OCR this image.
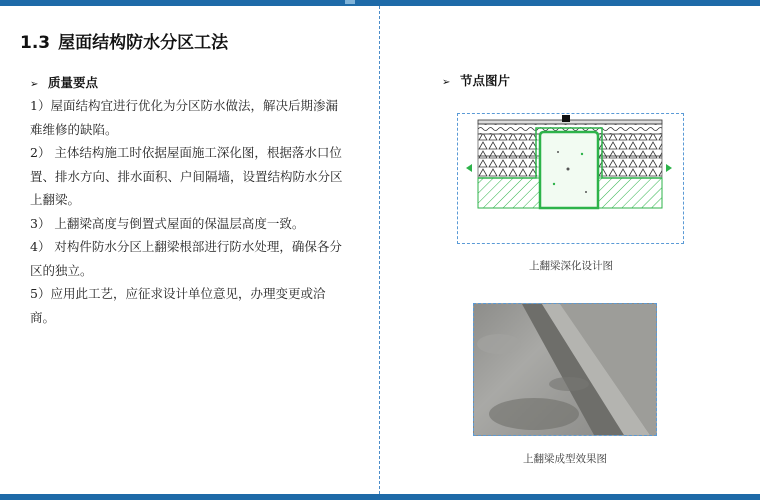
1.3 屋面结构防水分区工法
➢ 质量要点

1）屋面结构宜进行优化为分区防水做法，解决后期渗漏难维修的缺陷。

2） 主体结构施工时依据屋面施工深化图，根据落水口位置、排水方向、排水面积、户间隔墙，设置结构防水分区上翻梁。

3） 上翻梁高度与倒置式屋面的保温层高度一致。

4） 对构件防水分区上翻梁根部进行防水处理，确保各分区的独立。

5）应用此工艺，应征求设计单位意见，办理变更或洽商。

➢ 节点图片
上翻梁深化设计图
上翻梁成型效果图
